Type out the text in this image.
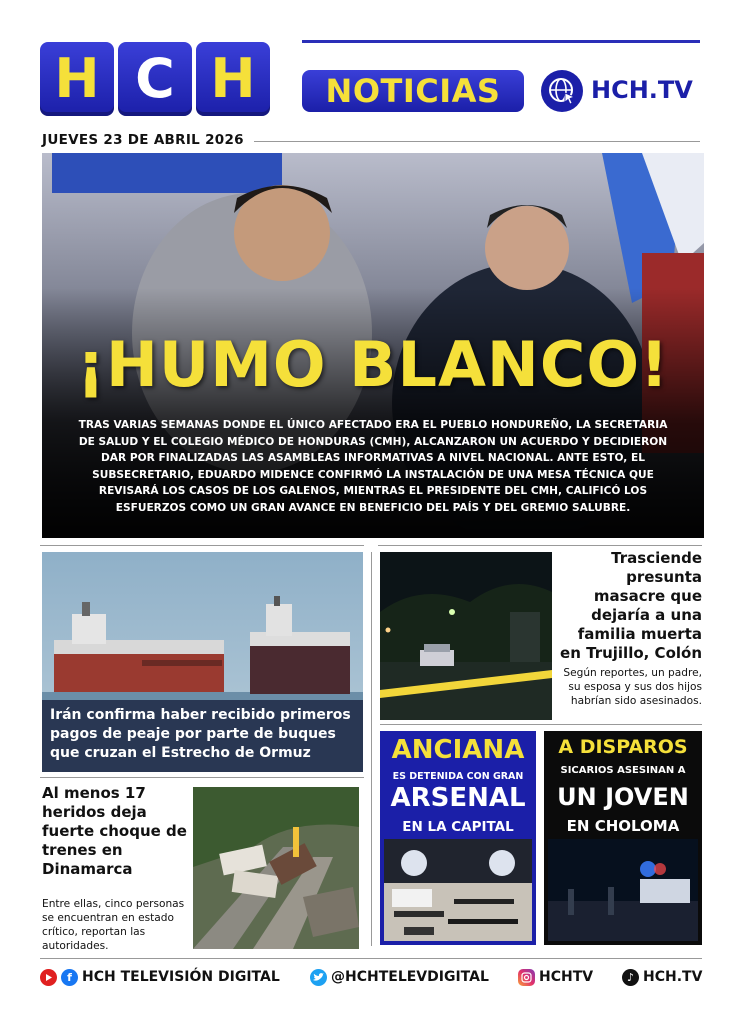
H C H	NOTICIAS	HCH.TV
JUEVES 23 DE ABRIL 2026
¡HUMO BLANCO!
TRAS VARIAS SEMANAS DONDE EL ÚNICO AFECTADO ERA EL PUEBLO HONDUREÑO, LA SECRETARIA DE SALUD Y EL COLEGIO MÉDICO DE HONDURAS (CMH), ALCANZARON UN ACUERDO Y DECIDIERON DAR POR FINALIZADAS LAS ASAMBLEAS INFORMATIVAS A NIVEL NACIONAL. ANTE ESTO, EL SUBSECRETARIO, EDUARDO MIDENCE CONFIRMÓ LA INSTALACIÓN DE UNA MESA TÉCNICA QUE REVISARÁ LOS CASOS DE LOS GALENOS, MIENTRAS EL PRESIDENTE DEL CMH, CALIFICÓ LOS ESFUERZOS COMO UN GRAN AVANCE EN BENEFICIO DEL PAÍS Y DEL GREMIO SALUBRE.
Irán confirma haber recibido primeros pagos de peaje por parte de buques que cruzan el Estrecho de Ormuz
Trasciende presunta masacre que dejaría a una familia muerta en Trujillo, Colón
Según reportes, un padre, su esposa y sus dos hijos habrían sido asesinados.
Al menos 17 heridos deja fuerte choque de trenes en Dinamarca
Entre ellas, cinco personas se encuentran en estado crítico, reportan las autoridades.
ANCIANA
ES DETENIDA CON GRAN
ARSENAL
EN LA CAPITAL
A DISPAROS
SICARIOS ASESINAN A
UN JOVEN
EN CHOLOMA
f HCH TELEVISIÓN DIGITAL	@HCHTELEVDIGITAL	HCHTV	♪ HCH.TV
